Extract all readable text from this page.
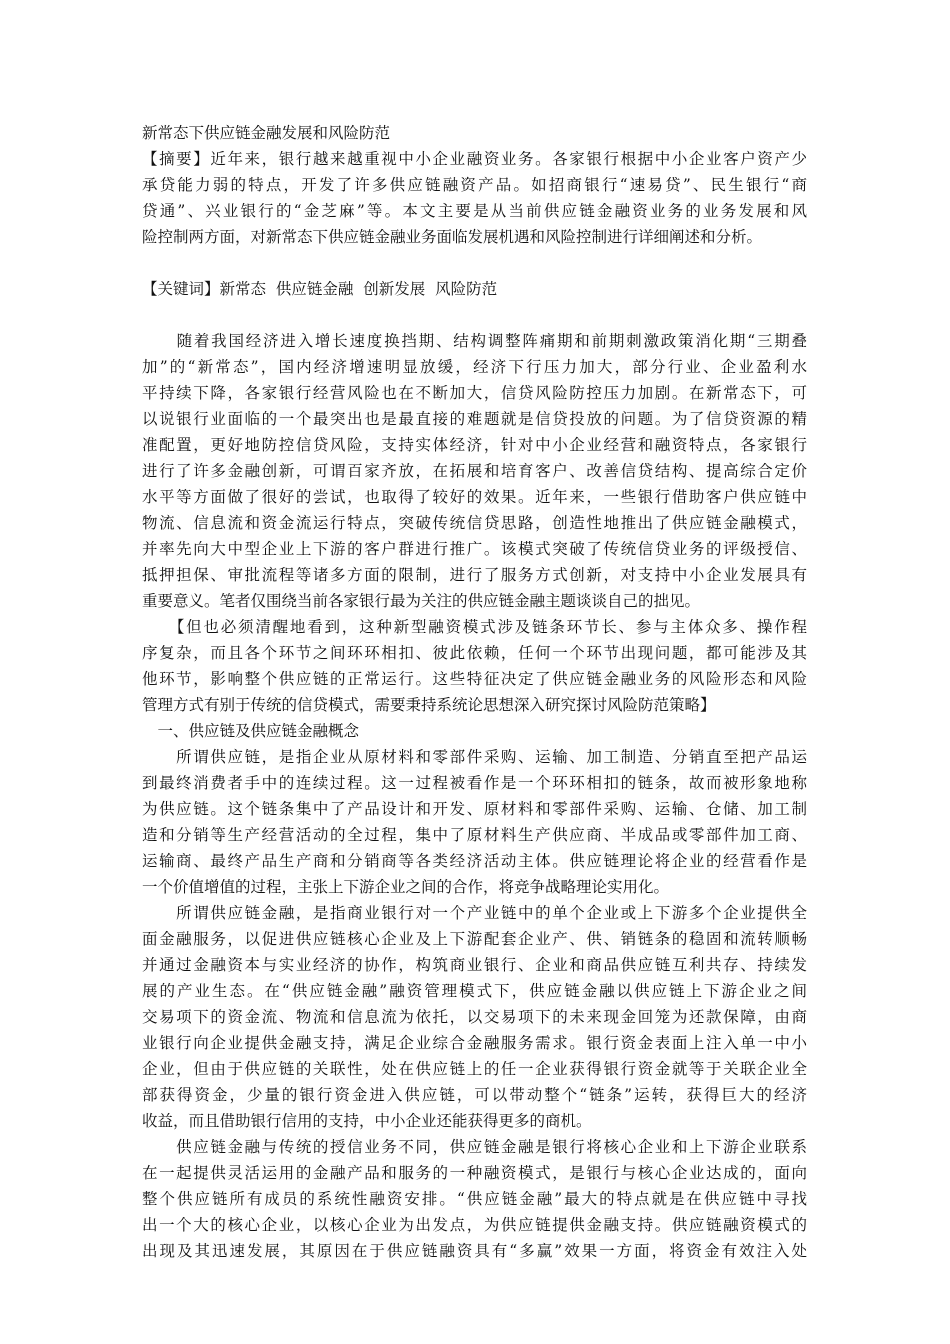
新常态下供应链金融发展和风险防范
【摘要】近年来，银行越来越重视中小企业融资业务。各家银行根据中小企业客户资产少
承贷能力弱的特点，开发了许多供应链融资产品。如招商银行“速易贷”、民生银行“商
贷通”、兴业银行的“金芝麻”等。本文主要是从当前供应链金融资业务的业务发展和风
险控制两方面，对新常态下供应链金融业务面临发展机遇和风险控制进行详细阐述和分析。
【关键词】新常态  供应链金融  创新发展  风险防范
　　随着我国经济进入增长速度换挡期、结构调整阵痛期和前期刺激政策消化期“三期叠
加”的“新常态”，国内经济增速明显放缓，经济下行压力加大，部分行业、企业盈利水
平持续下降，各家银行经营风险也在不断加大，信贷风险防控压力加剧。在新常态下，可
以说银行业面临的一个最突出也是最直接的难题就是信贷投放的问题。为了信贷资源的精
准配置，更好地防控信贷风险，支持实体经济，针对中小企业经营和融资特点，各家银行
进行了许多金融创新，可谓百家齐放，在拓展和培育客户、改善信贷结构、提高综合定价
水平等方面做了很好的尝试，也取得了较好的效果。近年来，一些银行借助客户供应链中
物流、信息流和资金流运行特点，突破传统信贷思路，创造性地推出了供应链金融模式，
并率先向大中型企业上下游的客户群进行推广。该模式突破了传统信贷业务的评级授信、
抵押担保、审批流程等诸多方面的限制，进行了服务方式创新，对支持中小企业发展具有
重要意义。笔者仅围绕当前各家银行最为关注的供应链金融主题谈谈自己的拙见。
　　【但也必须清醒地看到，这种新型融资模式涉及链条环节长、参与主体众多、操作程
序复杂，而且各个环节之间环环相扣、彼此依赖，任何一个环节出现问题，都可能涉及其
他环节，影响整个供应链的正常运行。这些特征决定了供应链金融业务的风险形态和风险
管理方式有别于传统的信贷模式，需要秉持系统论思想深入研究探讨风险防范策略】
　一、供应链及供应链金融概念
　　所谓供应链，是指企业从原材料和零部件采购、运输、加工制造、分销直至把产品运
到最终消费者手中的连续过程。这一过程被看作是一个环环相扣的链条，故而被形象地称
为供应链。这个链条集中了产品设计和开发、原材料和零部件采购、运输、仓储、加工制
造和分销等生产经营活动的全过程，集中了原材料生产供应商、半成品或零部件加工商、
运输商、最终产品生产商和分销商等各类经济活动主体。供应链理论将企业的经营看作是
一个价值增值的过程，主张上下游企业之间的合作，将竞争战略理论实用化。
　　所谓供应链金融，是指商业银行对一个产业链中的单个企业或上下游多个企业提供全
面金融服务，以促进供应链核心企业及上下游配套企业产、供、销链条的稳固和流转顺畅
并通过金融资本与实业经济的协作，构筑商业银行、企业和商品供应链互利共存、持续发
展的产业生态。在“供应链金融”融资管理模式下，供应链金融以供应链上下游企业之间
交易项下的资金流、物流和信息流为依托，以交易项下的未来现金回笼为还款保障，由商
业银行向企业提供金融支持，满足企业综合金融服务需求。银行资金表面上注入单一中小
企业，但由于供应链的关联性，处在供应链上的任一企业获得银行资金就等于关联企业全
部获得资金，少量的银行资金进入供应链，可以带动整个“链条”运转，获得巨大的经济
收益，而且借助银行信用的支持，中小企业还能获得更多的商机。
　　供应链金融与传统的授信业务不同，供应链金融是银行将核心企业和上下游企业联系
在一起提供灵活运用的金融产品和服务的一种融资模式，是银行与核心企业达成的，面向
整个供应链所有成员的系统性融资安排。“供应链金融”最大的特点就是在供应链中寻找
出一个大的核心企业，以核心企业为出发点，为供应链提供金融支持。供应链融资模式的
出现及其迅速发展，其原因在于供应链融资具有“多赢”效果一方面，将资金有效注入处
